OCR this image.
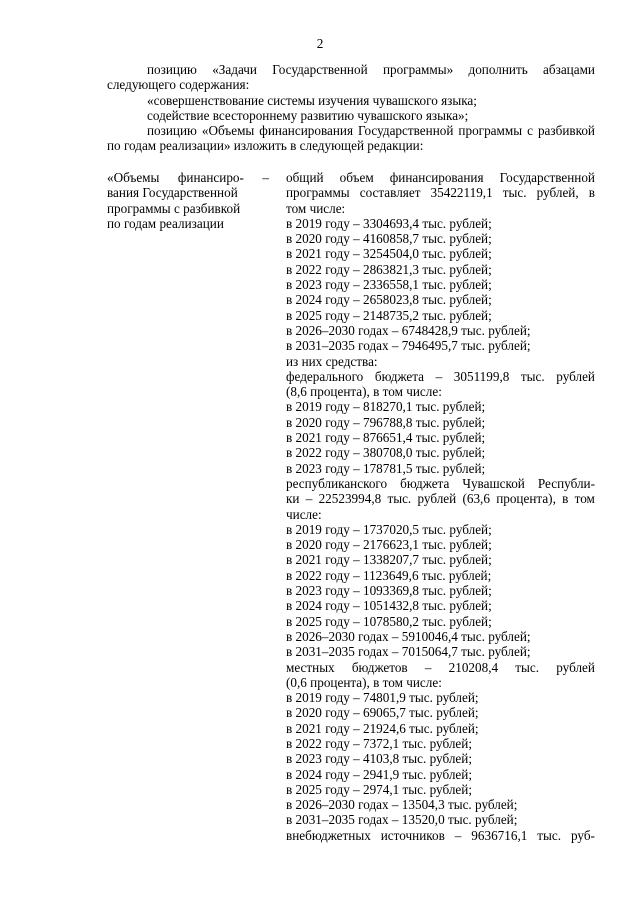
2

позицию «Задачи Государственной программы» дополнить абзацами следующего содержания:

«совершенствование системы изучения чувашского языка;

содействие всестороннему развитию чувашского языка»;

позицию «Объемы финансирования Государственной программы с разбивкой по годам реализации» изложить в следующей редакции:

«Объемы финансиро- –
вания Государственной
программы с разбивкой
по годам реализации
общий объем финансирования Государственной
программы составляет 35422119,1 тыс. рублей, в
том числе:
в 2019 году – 3304693,4 тыс. рублей;
в 2020 году – 4160858,7 тыс. рублей;
в 2021 году – 3254504,0 тыс. рублей;
в 2022 году – 2863821,3 тыс. рублей;
в 2023 году – 2336558,1 тыс. рублей;
в 2024 году – 2658023,8 тыс. рублей;
в 2025 году – 2148735,2 тыс. рублей;
в 2026–2030 годах – 6748428,9 тыс. рублей;
в 2031–2035 годах – 7946495,7 тыс. рублей;
из них средства:
федерального бюджета – 3051199,8 тыс. рублей
(8,6 процента), в том числе:
в 2019 году – 818270,1 тыс. рублей;
в 2020 году – 796788,8 тыс. рублей;
в 2021 году – 876651,4 тыс. рублей;
в 2022 году – 380708,0 тыс. рублей;
в 2023 году – 178781,5 тыс. рублей;
республиканского бюджета Чувашской Республи-
ки – 22523994,8 тыс. рублей (63,6 процента), в том
числе:
в 2019 году – 1737020,5 тыс. рублей;
в 2020 году – 2176623,1 тыс. рублей;
в 2021 году – 1338207,7 тыс. рублей;
в 2022 году – 1123649,6 тыс. рублей;
в 2023 году – 1093369,8 тыс. рублей;
в 2024 году – 1051432,8 тыс. рублей;
в 2025 году – 1078580,2 тыс. рублей;
в 2026–2030 годах – 5910046,4 тыс. рублей;
в 2031–2035 годах – 7015064,7 тыс. рублей;
местных бюджетов – 210208,4 тыс. рублей
(0,6 процента), в том числе:
в 2019 году – 74801,9 тыс. рублей;
в 2020 году – 69065,7 тыс. рублей;
в 2021 году – 21924,6 тыс. рублей;
в 2022 году – 7372,1 тыс. рублей;
в 2023 году – 4103,8 тыс. рублей;
в 2024 году – 2941,9 тыс. рублей;
в 2025 году – 2974,1 тыс. рублей;
в 2026–2030 годах – 13504,3 тыс. рублей;
в 2031–2035 годах – 13520,0 тыс. рублей;
внебюджетных источников – 9636716,1 тыс. руб-
